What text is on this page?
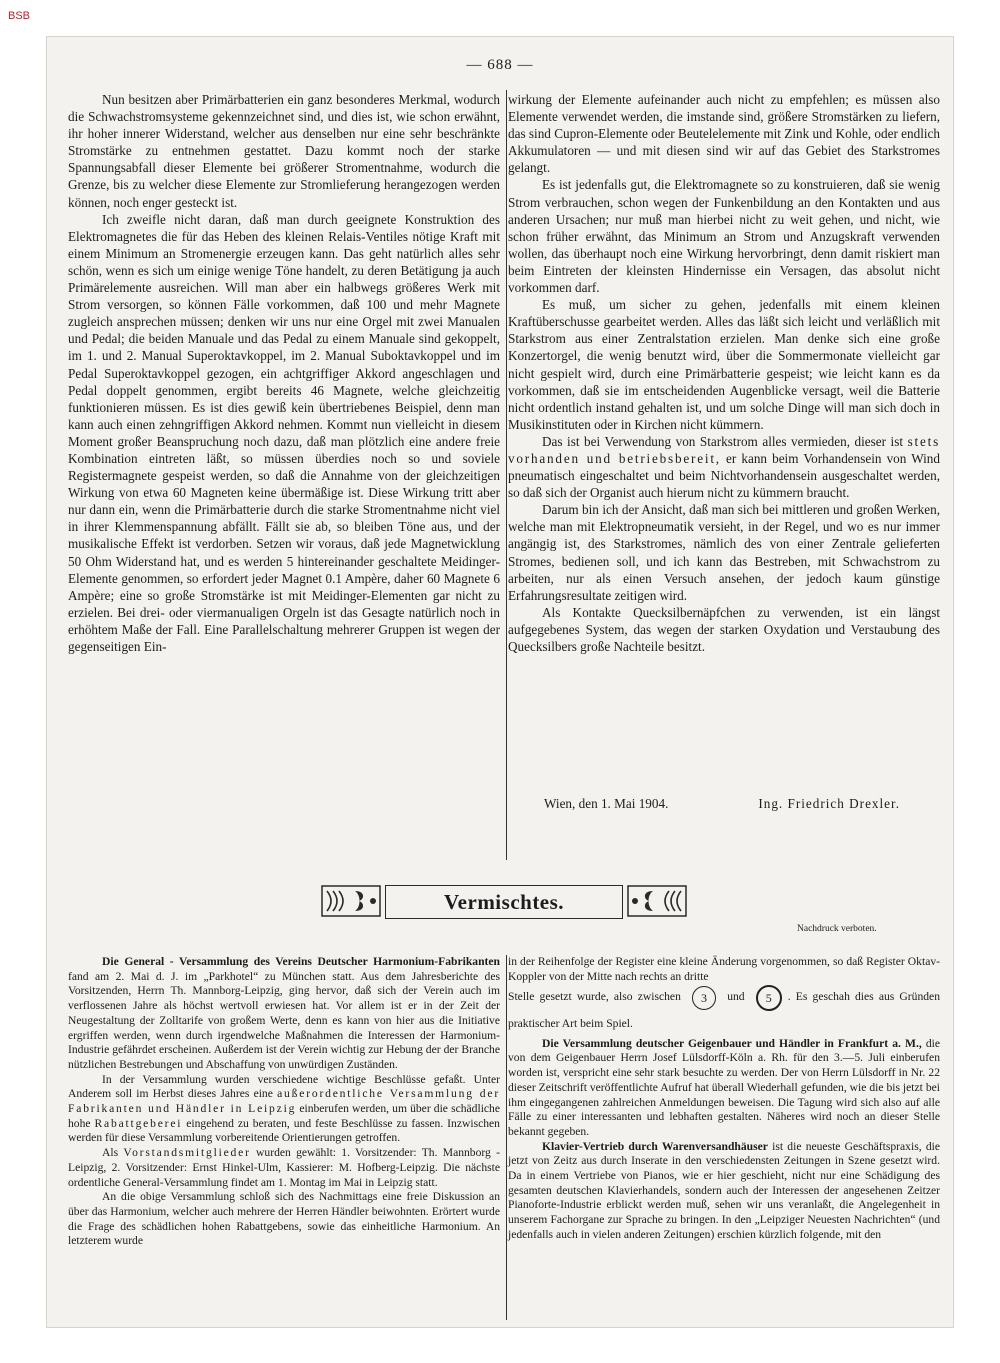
BSB
— 688 —

Nun besitzen aber Primärbatterien ein ganz besonderes Merkmal, wodurch die Schwachstromsysteme gekennzeichnet sind, und dies ist, wie schon erwähnt, ihr hoher innerer Widerstand, welcher aus denselben nur eine sehr beschränkte Stromstärke zu entnehmen gestattet. Dazu kommt noch der starke Spannungsabfall dieser Elemente bei größerer Stromentnahme, wodurch die Grenze, bis zu welcher diese Elemente zur Stromlieferung herangezogen werden können, noch enger gesteckt ist.

Ich zweifle nicht daran, daß man durch geeignete Konstruktion des Elektromagnetes die für das Heben des kleinen Relais-Ventiles nötige Kraft mit einem Minimum an Stromenergie erzeugen kann. Das geht natürlich alles sehr schön, wenn es sich um einige wenige Töne handelt, zu deren Betätigung ja auch Primärelemente ausreichen. Will man aber ein halbwegs größeres Werk mit Strom versorgen, so können Fälle vorkommen, daß 100 und mehr Magnete zugleich ansprechen müssen; denken wir uns nur eine Orgel mit zwei Manualen und Pedal; die beiden Manuale und das Pedal zu einem Manuale sind gekoppelt, im 1. und 2. Manual Superoktavkoppel, im 2. Manual Suboktavkoppel und im Pedal Superoktavkoppel gezogen, ein achtgriffiger Akkord angeschlagen und Pedal doppelt genommen, ergibt bereits 46 Magnete, welche gleichzeitig funktionieren müssen. Es ist dies gewiß kein übertriebenes Beispiel, denn man kann auch einen zehngriffigen Akkord nehmen. Kommt nun vielleicht in diesem Moment großer Beanspruchung noch dazu, daß man plötzlich eine andere freie Kombination eintreten läßt, so müssen überdies noch so und soviele Registermagnete gespeist werden, so daß die Annahme von der gleichzeitigen Wirkung von etwa 60 Magneten keine übermäßige ist. Diese Wirkung tritt aber nur dann ein, wenn die Primärbatterie durch die starke Stromentnahme nicht viel in ihrer Klemmenspannung abfällt. Fällt sie ab, so bleiben Töne aus, und der musikalische Effekt ist verdorben. Setzen wir voraus, daß jede Magnetwicklung 50 Ohm Widerstand hat, und es werden 5 hintereinander geschaltete Meidinger-Elemente genommen, so erfordert jeder Magnet 0.1 Ampère, daher 60 Magnete 6 Ampère; eine so große Stromstärke ist mit Meidinger-Elementen gar nicht zu erzielen. Bei drei- oder viermanualigen Orgeln ist das Gesagte natürlich noch in erhöhtem Maße der Fall. Eine Parallelschaltung mehrerer Gruppen ist wegen der gegenseitigen Ein-

wirkung der Elemente aufeinander auch nicht zu empfehlen; es müssen also Elemente verwendet werden, die imstande sind, größere Stromstärken zu liefern, das sind Cupron-Elemente oder Beutelelemente mit Zink und Kohle, oder endlich Akkumulatoren — und mit diesen sind wir auf das Gebiet des Starkstromes gelangt.

Es ist jedenfalls gut, die Elektromagnete so zu konstruieren, daß sie wenig Strom verbrauchen, schon wegen der Funkenbildung an den Kontakten und aus anderen Ursachen; nur muß man hierbei nicht zu weit gehen, und nicht, wie schon früher erwähnt, das Minimum an Strom und Anzugskraft verwenden wollen, das überhaupt noch eine Wirkung hervorbringt, denn damit riskiert man beim Eintreten der kleinsten Hindernisse ein Versagen, das absolut nicht vorkommen darf.

Es muß, um sicher zu gehen, jedenfalls mit einem kleinen Kraftüberschusse gearbeitet werden. Alles das läßt sich leicht und verläßlich mit Starkstrom aus einer Zentralstation erzielen. Man denke sich eine große Konzertorgel, die wenig benutzt wird, über die Sommermonate vielleicht gar nicht gespielt wird, durch eine Primärbatterie gespeist; wie leicht kann es da vorkommen, daß sie im entscheidenden Augenblicke versagt, weil die Batterie nicht ordentlich instand gehalten ist, und um solche Dinge will man sich doch in Musikinstituten oder in Kirchen nicht kümmern.

Das ist bei Verwendung von Starkstrom alles vermieden, dieser ist stets vorhanden und betriebsbereit, er kann beim Vorhandensein von Wind pneumatisch eingeschaltet und beim Nichtvorhandensein ausgeschaltet werden, so daß sich der Organist auch hierum nicht zu kümmern braucht.

Darum bin ich der Ansicht, daß man sich bei mittleren und großen Werken, welche man mit Elektropneumatik versieht, in der Regel, und wo es nur immer angängig ist, des Starkstromes, nämlich des von einer Zentrale gelieferten Stromes, bedienen soll, und ich kann das Bestreben, mit Schwachstrom zu arbeiten, nur als einen Versuch ansehen, der jedoch kaum günstige Erfahrungsresultate zeitigen wird.

Als Kontakte Quecksilbernäpfchen zu verwenden, ist ein längst aufgegebenes System, das wegen der starken Oxydation und Verstaubung des Quecksilbers große Nachteile besitzt.

Wien, den 1. Mai 1904.	Ing. Friedrich Drexler.
Vermischtes.
Nachdruck verboten.

Die General - Versammlung des Vereins Deutscher Harmonium-Fabrikanten fand am 2. Mai d. J. im „Parkhotel“ zu München statt. Aus dem Jahresberichte des Vorsitzenden, Herrn Th. Mannborg-Leipzig, ging hervor, daß sich der Verein auch im verflossenen Jahre als höchst wertvoll erwiesen hat. Vor allem ist er in der Zeit der Neugestaltung der Zolltarife von großem Werte, denn es kann von hier aus die Initiative ergriffen werden, wenn durch irgendwelche Maßnahmen die Interessen der Harmonium-Industrie gefährdet erscheinen. Außerdem ist der Verein wichtig zur Hebung der der Branche nützlichen Bestrebungen und Abschaffung von unwürdigen Zuständen.

In der Versammlung wurden verschiedene wichtige Beschlüsse gefaßt. Unter Anderem soll im Herbst dieses Jahres eine außerordentliche Versammlung der Fabrikanten und Händler in Leipzig einberufen werden, um über die schädliche hohe Rabattgeberei eingehend zu beraten, und feste Beschlüsse zu fassen. Inzwischen werden für diese Versammlung vorbereitende Orientierungen getroffen.

Als Vorstandsmitglieder wurden gewählt: 1. Vorsitzender: Th. Mannborg - Leipzig, 2. Vorsitzender: Ernst Hinkel-Ulm, Kassierer: M. Hofberg-Leipzig. Die nächste ordentliche General-Versammlung findet am 1. Montag im Mai in Leipzig statt.

An die obige Versammlung schloß sich des Nachmittags eine freie Diskussion an über das Harmonium, welcher auch mehrere der Herren Händler beiwohnten. Erörtert wurde die Frage des schädlichen hohen Rabattgebens, sowie das einheitliche Harmonium. An letzterem wurde

in der Reihenfolge der Register eine kleine Änderung vorgenommen, so daß Register Oktav-Koppler von der Mitte nach rechts an dritte

Stelle gesetzt wurde, also zwischen 3 und 5 . Es geschah dies aus Gründen praktischer Art beim Spiel.

Die Versammlung deutscher Geigenbauer und Händler in Frankfurt a. M., die von dem Geigenbauer Herrn Josef Lülsdorff-Köln a. Rh. für den 3.—5. Juli einberufen worden ist, verspricht eine sehr stark besuchte zu werden. Der von Herrn Lülsdorff in Nr. 22 dieser Zeitschrift veröffentlichte Aufruf hat überall Wiederhall gefunden, wie die bis jetzt bei ihm eingegangenen zahlreichen Anmeldungen beweisen. Die Tagung wird sich also auf alle Fälle zu einer interessanten und lebhaften gestalten. Näheres wird noch an dieser Stelle bekannt gegeben.

Klavier-Vertrieb durch Warenversandhäuser ist die neueste Geschäftspraxis, die jetzt von Zeitz aus durch Inserate in den verschiedensten Zeitungen in Szene gesetzt wird. Da in einem Vertriebe von Pianos, wie er hier geschieht, nicht nur eine Schädigung des gesamten deutschen Klavierhandels, sondern auch der Interessen der angesehenen Zeitzer Pianoforte-Industrie erblickt werden muß, sehen wir uns veranlaßt, die Angelegenheit in unserem Fachorgane zur Sprache zu bringen. In den „Leipziger Neuesten Nachrichten“ (und jedenfalls auch in vielen anderen Zeitungen) erschien kürzlich folgende, mit den
